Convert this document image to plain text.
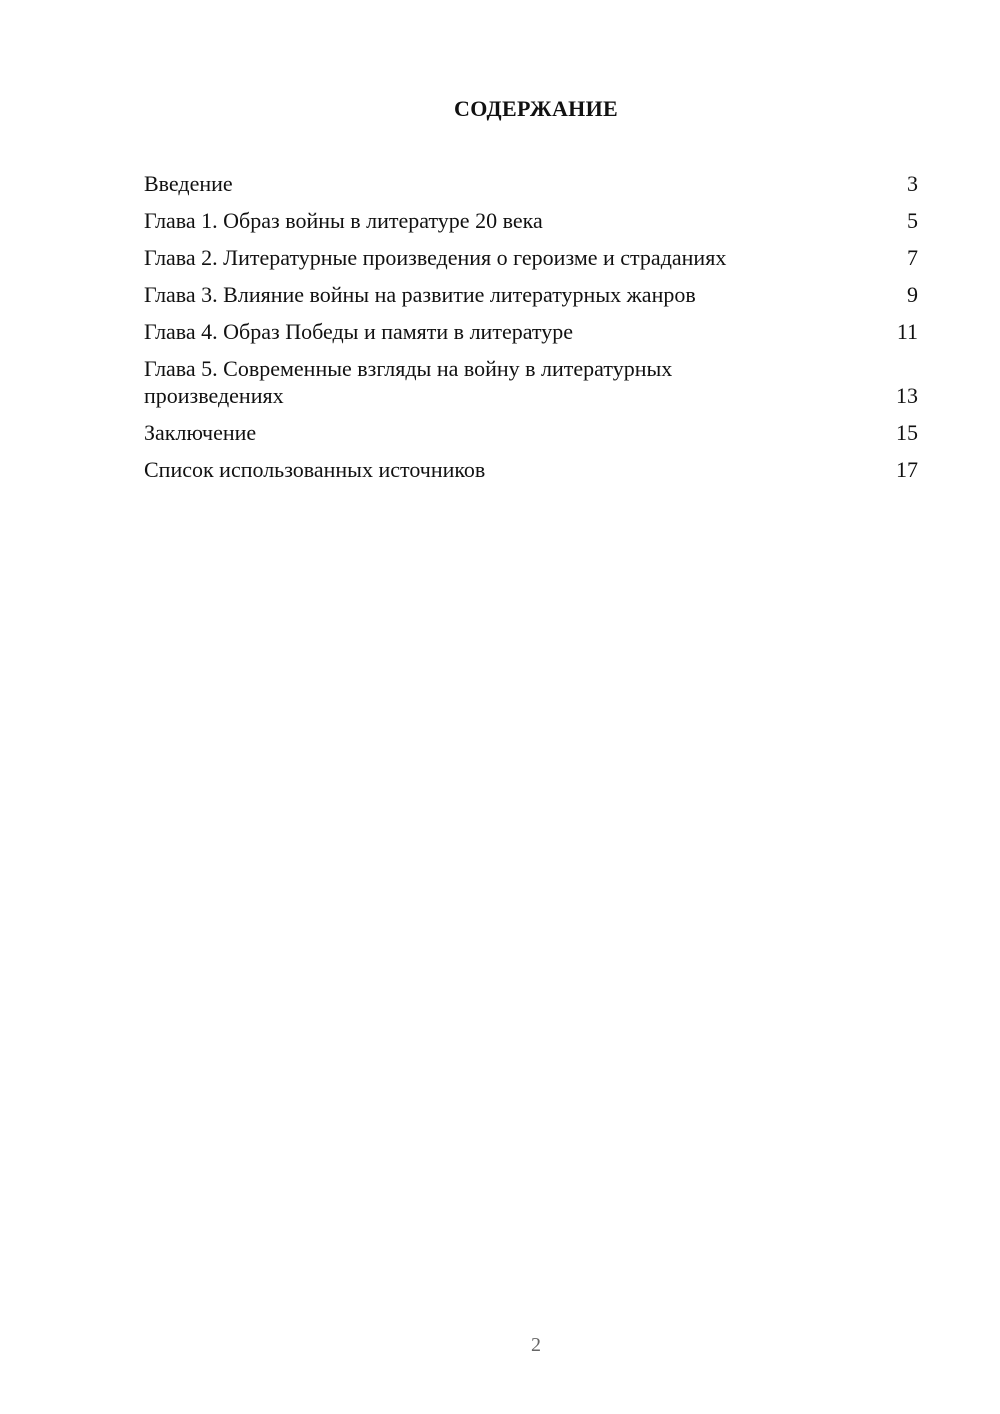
СОДЕРЖАНИЕ
Введение	3
Глава 1. Образ войны в литературе 20 века	5
Глава 2. Литературные произведения о героизме и страданиях	7
Глава 3. Влияние войны на развитие литературных жанров	9
Глава 4. Образ Победы и памяти в литературе	11
Глава 5. Современные взгляды на войну в литературных произведениях	13
Заключение	15
Список использованных источников	17
2
